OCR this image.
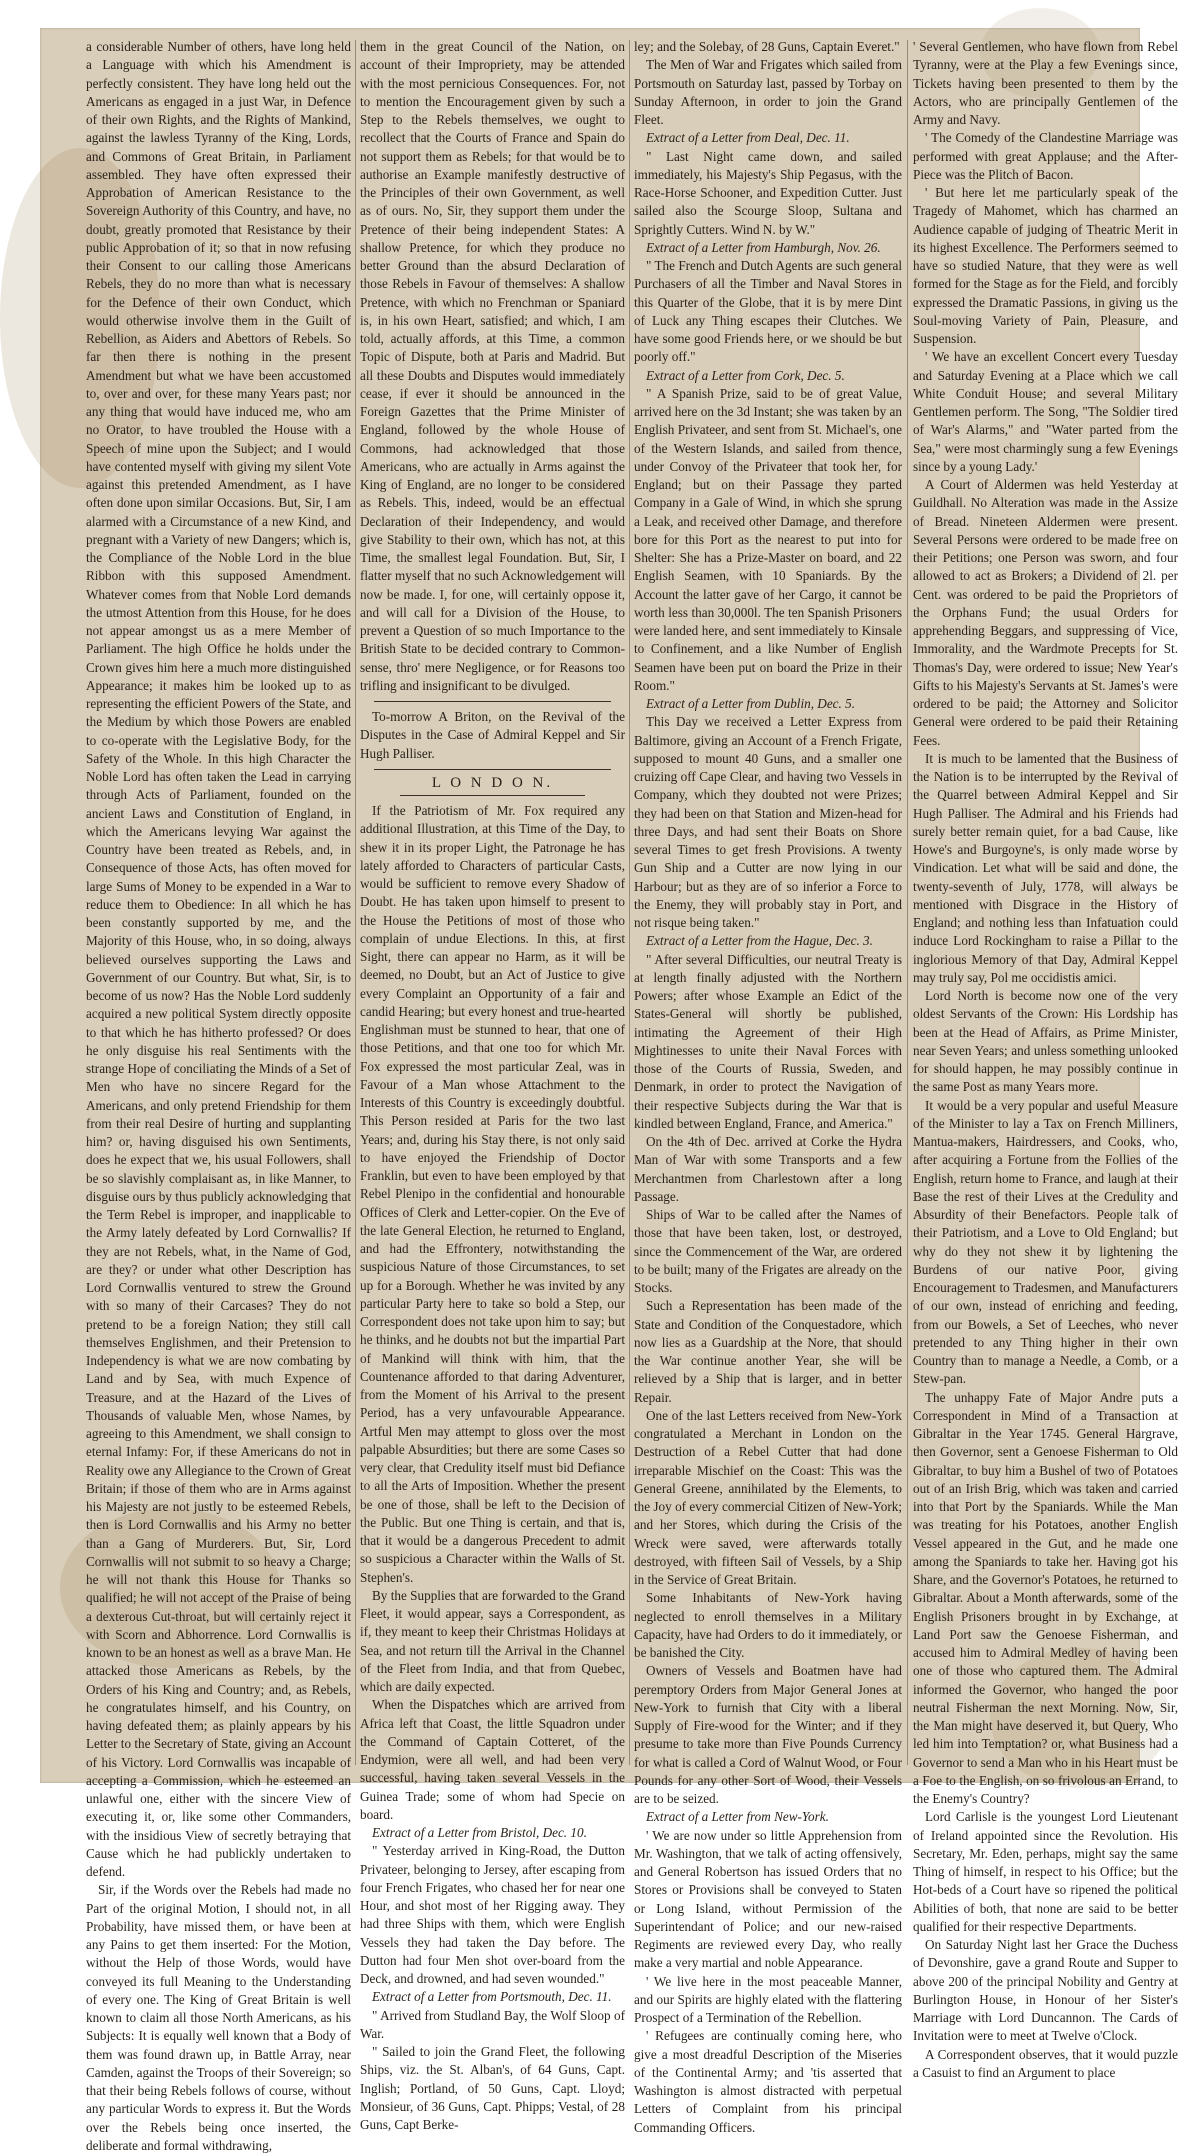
a considerable Number of others, have long held a Language with which his Amendment is perfectly consistent. They have long held out the Americans as engaged in a just War, in Defence of their own Rights, and the Rights of Mankind, against the lawless Tyranny of the King, Lords, and Commons of Great Britain, in Parliament assembled. They have often expressed their Approbation of American Resistance to the Sovereign Authority of this Country, and have, no doubt, greatly promoted that Resistance by their public Approbation of it; so that in now refusing their Consent to our calling those Americans Rebels, they do no more than what is necessary for the Defence of their own Conduct, which would otherwise involve them in the Guilt of Rebellion, as Aiders and Abettors of Rebels. So far then there is nothing in the present Amendment but what we have been accustomed to, over and over, for these many Years past; nor any thing that would have induced me, who am no Orator, to have troubled the House with a Speech of mine upon the Subject; and I would have contented myself with giving my silent Vote against this pretended Amendment, as I have often done upon similar Occasions. But, Sir, I am alarmed with a Circumstance of a new Kind, and pregnant with a Variety of new Dangers; which is, the Compliance of the Noble Lord in the blue Ribbon with this supposed Amendment. Whatever comes from that Noble Lord demands the utmost Attention from this House, for he does not appear amongst us as a mere Member of Parliament. The high Office he holds under the Crown gives him here a much more distinguished Appearance; it makes him be looked up to as representing the efficient Powers of the State, and the Medium by which those Powers are enabled to co-operate with the Legislative Body, for the Safety of the Whole. In this high Character the Noble Lord has often taken the Lead in carrying through Acts of Parliament, founded on the ancient Laws and Constitution of England, in which the Americans levying War against the Country have been treated as Rebels, and, in Consequence of those Acts, has often moved for large Sums of Money to be expended in a War to reduce them to Obedience: In all which he has been constantly supported by me, and the Majority of this House, who, in so doing, always believed ourselves supporting the Laws and Government of our Country. But what, Sir, is to become of us now? Has the Noble Lord suddenly acquired a new political System directly opposite to that which he has hitherto professed? Or does he only disguise his real Sentiments with the strange Hope of conciliating the Minds of a Set of Men who have no sincere Regard for the Americans, and only pretend Friendship for them from their real Desire of hurting and supplanting him? or, having disguised his own Sentiments, does he expect that we, his usual Followers, shall be so slavishly complaisant as, in like Manner, to disguise ours by thus publicly acknowledging that the Term Rebel is improper, and inapplicable to the Army lately defeated by Lord Cornwallis? If they are not Rebels, what, in the Name of God, are they? or under what other Description has Lord Cornwallis ventured to strew the Ground with so many of their Carcases? They do not pretend to be a foreign Nation; they still call themselves Englishmen, and their Pretension to Independency is what we are now combating by Land and by Sea, with much Expence of Treasure, and at the Hazard of the Lives of Thousands of valuable Men, whose Names, by agreeing to this Amendment, we shall consign to eternal Infamy: For, if these Americans do not in Reality owe any Allegiance to the Crown of Great Britain; if those of them who are in Arms against his Majesty are not justly to be esteemed Rebels, then is Lord Cornwallis and his Army no better than a Gang of Murderers. But, Sir, Lord Cornwallis will not submit to so heavy a Charge; he will not thank this House for Thanks so qualified; he will not accept of the Praise of being a dexterous Cut-throat, but will certainly reject it with Scorn and Abhorrence. Lord Cornwallis is known to be an honest as well as a brave Man. He attacked those Americans as Rebels, by the Orders of his King and Country; and, as Rebels, he congratulates himself, and his Country, on having defeated them; as plainly appears by his Letter to the Secretary of State, giving an Account of his Victory. Lord Cornwallis was incapable of accepting a Commission, which he esteemed an unlawful one, either with the sincere View of executing it, or, like some other Commanders, with the insidious View of secretly betraying that Cause which he had publickly undertaken to defend.

Sir, if the Words over the Rebels had made no Part of the original Motion, I should not, in all Probability, have missed them, or have been at any Pains to get them inserted: For the Motion, without the Help of those Words, would have conveyed its full Meaning to the Understanding of every one. The King of Great Britain is well known to claim all those North Americans, as his Subjects: It is equally well known that a Body of them was found drawn up, in Battle Array, near Camden, against the Troops of their Sovereign; so that their being Rebels follows of course, without any particular Words to express it. But the Words over the Rebels being once inserted, the deliberate and formal withdrawing,

them in the great Council of the Nation, on account of their Impropriety, may be attended with the most pernicious Consequences. For, not to mention the Encouragement given by such a Step to the Rebels themselves, we ought to recollect that the Courts of France and Spain do not support them as Rebels; for that would be to authorise an Example manifestly destructive of the Principles of their own Government, as well as of ours. No, Sir, they support them under the Pretence of their being independent States: A shallow Pretence, for which they produce no better Ground than the absurd Declaration of those Rebels in Favour of themselves: A shallow Pretence, with which no Frenchman or Spaniard is, in his own Heart, satisfied; and which, I am told, actually affords, at this Time, a common Topic of Dispute, both at Paris and Madrid. But all these Doubts and Disputes would immediately cease, if ever it should be announced in the Foreign Gazettes that the Prime Minister of England, followed by the whole House of Commons, had acknowledged that those Americans, who are actually in Arms against the King of England, are no longer to be considered as Rebels. This, indeed, would be an effectual Declaration of their Independency, and would give Stability to their own, which has not, at this Time, the smallest legal Foundation. But, Sir, I flatter myself that no such Acknowledgement will now be made. I, for one, will certainly oppose it, and will call for a Division of the House, to prevent a Question of so much Importance to the British State to be decided contrary to Common-sense, thro' mere Negligence, or for Reasons too trifling and insignificant to be divulged.

To-morrow A Briton, on the Revival of the Disputes in the Case of Admiral Keppel and Sir Hugh Palliser.

L O N D O N.

If the Patriotism of Mr. Fox required any additional Illustration, at this Time of the Day, to shew it in its proper Light, the Patronage he has lately afforded to Characters of particular Casts, would be sufficient to remove every Shadow of Doubt. He has taken upon himself to present to the House the Petitions of most of those who complain of undue Elections. In this, at first Sight, there can appear no Harm, as it will be deemed, no Doubt, but an Act of Justice to give every Complaint an Opportunity of a fair and candid Hearing; but every honest and true-hearted Englishman must be stunned to hear, that one of those Petitions, and that one too for which Mr. Fox expressed the most particular Zeal, was in Favour of a Man whose Attachment to the Interests of this Country is exceedingly doubtful. This Person resided at Paris for the two last Years; and, during his Stay there, is not only said to have enjoyed the Friendship of Doctor Franklin, but even to have been employed by that Rebel Plenipo in the confidential and honourable Offices of Clerk and Letter-copier. On the Eve of the late General Election, he returned to England, and had the Effrontery, notwithstanding the suspicious Nature of those Circumstances, to set up for a Borough. Whether he was invited by any particular Party here to take so bold a Step, our Correspondent does not take upon him to say; but he thinks, and he doubts not but the impartial Part of Mankind will think with him, that the Countenance afforded to that daring Adventurer, from the Moment of his Arrival to the present Period, has a very unfavourable Appearance. Artful Men may attempt to gloss over the most palpable Absurdities; but there are some Cases so very clear, that Credulity itself must bid Defiance to all the Arts of Imposition. Whether the present be one of those, shall be left to the Decision of the Public. But one Thing is certain, and that is, that it would be a dangerous Precedent to admit so suspicious a Character within the Walls of St. Stephen's.

By the Supplies that are forwarded to the Grand Fleet, it would appear, says a Correspondent, as if, they meant to keep their Christmas Holidays at Sea, and not return till the Arrival in the Channel of the Fleet from India, and that from Quebec, which are daily expected.

When the Dispatches which are arrived from Africa left that Coast, the little Squadron under the Command of Captain Cotteret, of the Endymion, were all well, and had been very successful, having taken several Vessels in the Guinea Trade; some of whom had Specie on board.

Extract of a Letter from Bristol, Dec. 10.

" Yesterday arrived in King-Road, the Dutton Privateer, belonging to Jersey, after escaping from four French Frigates, who chased her for near one Hour, and shot most of her Rigging away. They had three Ships with them, which were English Vessels they had taken the Day before. The Dutton had four Men shot over-board from the Deck, and drowned, and had seven wounded."

Extract of a Letter from Portsmouth, Dec. 11.

" Arrived from Studland Bay, the Wolf Sloop of War.

" Sailed to join the Grand Fleet, the following Ships, viz. the St. Alban's, of 64 Guns, Capt. Inglish; Portland, of 50 Guns, Capt. Lloyd; Monsieur, of 36 Guns, Capt. Phipps; Vestal, of 28 Guns, Capt Berke-

ley; and the Solebay, of 28 Guns, Captain Everet."

The Men of War and Frigates which sailed from Portsmouth on Saturday last, passed by Torbay on Sunday Afternoon, in order to join the Grand Fleet.

Extract of a Letter from Deal, Dec. 11.

" Last Night came down, and sailed immediately, his Majesty's Ship Pegasus, with the Race-Horse Schooner, and Expedition Cutter. Just sailed also the Scourge Sloop, Sultana and Sprightly Cutters. Wind N. by W."

Extract of a Letter from Hamburgh, Nov. 26.

" The French and Dutch Agents are such general Purchasers of all the Timber and Naval Stores in this Quarter of the Globe, that it is by mere Dint of Luck any Thing escapes their Clutches. We have some good Friends here, or we should be but poorly off."

Extract of a Letter from Cork, Dec. 5.

" A Spanish Prize, said to be of great Value, arrived here on the 3d Instant; she was taken by an English Privateer, and sent from St. Michael's, one of the Western Islands, and sailed from thence, under Convoy of the Privateer that took her, for England; but on their Passage they parted Company in a Gale of Wind, in which she sprung a Leak, and received other Damage, and therefore bore for this Port as the nearest to put into for Shelter: She has a Prize-Master on board, and 22 English Seamen, with 10 Spaniards. By the Account the latter gave of her Cargo, it cannot be worth less than 30,000l. The ten Spanish Prisoners were landed here, and sent immediately to Kinsale to Confinement, and a like Number of English Seamen have been put on board the Prize in their Room."

Extract of a Letter from Dublin, Dec. 5.

This Day we received a Letter Express from Baltimore, giving an Account of a French Frigate, supposed to mount 40 Guns, and a smaller one cruizing off Cape Clear, and having two Vessels in Company, which they doubted not were Prizes; they had been on that Station and Mizen-head for three Days, and had sent their Boats on Shore several Times to get fresh Provisions. A twenty Gun Ship and a Cutter are now lying in our Harbour; but as they are of so inferior a Force to the Enemy, they will probably stay in Port, and not risque being taken."

Extract of a Letter from the Hague, Dec. 3.

" After several Difficulties, our neutral Treaty is at length finally adjusted with the Northern Powers; after whose Example an Edict of the States-General will shortly be published, intimating the Agreement of their High Mightinesses to unite their Naval Forces with those of the Courts of Russia, Sweden, and Denmark, in order to protect the Navigation of their respective Subjects during the War that is kindled between England, France, and America."

On the 4th of Dec. arrived at Corke the Hydra Man of War with some Transports and a few Merchantmen from Charlestown after a long Passage.

Ships of War to be called after the Names of those that have been taken, lost, or destroyed, since the Commencement of the War, are ordered to be built; many of the Frigates are already on the Stocks.

Such a Representation has been made of the State and Condition of the Conquestadore, which now lies as a Guardship at the Nore, that should the War continue another Year, she will be relieved by a Ship that is larger, and in better Repair.

One of the last Letters received from New-York congratulated a Merchant in London on the Destruction of a Rebel Cutter that had done irreparable Mischief on the Coast: This was the General Greene, annihilated by the Elements, to the Joy of every commercial Citizen of New-York; and her Stores, which during the Crisis of the Wreck were saved, were afterwards totally destroyed, with fifteen Sail of Vessels, by a Ship in the Service of Great Britain.

Some Inhabitants of New-York having neglected to enroll themselves in a Military Capacity, have had Orders to do it immediately, or be banished the City.

Owners of Vessels and Boatmen have had peremptory Orders from Major General Jones at New-York to furnish that City with a liberal Supply of Fire-wood for the Winter; and if they presume to take more than Five Pounds Currency for what is called a Cord of Walnut Wood, or Four Pounds for any other Sort of Wood, their Vessels are to be seized.

Extract of a Letter from New-York.

' We are now under so little Apprehension from Mr. Washington, that we talk of acting offensively, and General Robertson has issued Orders that no Stores or Provisions shall be conveyed to Staten or Long Island, without Permission of the Superintendant of Police; and our new-raised Regiments are reviewed every Day, who really make a very martial and noble Appearance.

' We live here in the most peaceable Manner, and our Spirits are highly elated with the flattering Prospect of a Termination of the Rebellion.

' Refugees are continually coming here, who give a most dreadful Description of the Miseries of the Continental Army; and 'tis asserted that Washington is almost distracted with perpetual Letters of Complaint from his principal Commanding Officers.

' Several Gentlemen, who have flown from Rebel Tyranny, were at the Play a few Evenings since, Tickets having been presented to them by the Actors, who are principally Gentlemen of the Army and Navy.

' The Comedy of the Clandestine Marriage was performed with great Applause; and the After-Piece was the Plitch of Bacon.

' But here let me particularly speak of the Tragedy of Mahomet, which has charmed an Audience capable of judging of Theatric Merit in its highest Excellence. The Performers seemed to have so studied Nature, that they were as well formed for the Stage as for the Field, and forcibly expressed the Dramatic Passions, in giving us the Soul-moving Variety of Pain, Pleasure, and Suspension.

' We have an excellent Concert every Tuesday and Saturday Evening at a Place which we call White Conduit House; and several Military Gentlemen perform. The Song, "The Soldier tired of War's Alarms," and "Water parted from the Sea," were most charmingly sung a few Evenings since by a young Lady.'

A Court of Aldermen was held Yesterday at Guildhall. No Alteration was made in the Assize of Bread. Nineteen Aldermen were present. Several Persons were ordered to be made free on their Petitions; one Person was sworn, and four allowed to act as Brokers; a Dividend of 2l. per Cent. was ordered to be paid the Proprietors of the Orphans Fund; the usual Orders for apprehending Beggars, and suppressing of Vice, Immorality, and the Wardmote Precepts for St. Thomas's Day, were ordered to issue; New Year's Gifts to his Majesty's Servants at St. James's were ordered to be paid; the Attorney and Solicitor General were ordered to be paid their Retaining Fees.

It is much to be lamented that the Business of the Nation is to be interrupted by the Revival of the Quarrel between Admiral Keppel and Sir Hugh Palliser. The Admiral and his Friends had surely better remain quiet, for a bad Cause, like Howe's and Burgoyne's, is only made worse by Vindication. Let what will be said and done, the twenty-seventh of July, 1778, will always be mentioned with Disgrace in the History of England; and nothing less than Infatuation could induce Lord Rockingham to raise a Pillar to the inglorious Memory of that Day, Admiral Keppel may truly say, Pol me occidistis amici.

Lord North is become now one of the very oldest Servants of the Crown: His Lordship has been at the Head of Affairs, as Prime Minister, near Seven Years; and unless something unlooked for should happen, he may possibly continue in the same Post as many Years more.

It would be a very popular and useful Measure of the Minister to lay a Tax on French Milliners, Mantua-makers, Hairdressers, and Cooks, who, after acquiring a Fortune from the Follies of the English, return home to France, and laugh at their Base the rest of their Lives at the Credulity and Absurdity of their Benefactors. People talk of their Patriotism, and a Love to Old England; but why do they not shew it by lightening the Burdens of our native Poor, giving Encouragement to Tradesmen, and Manufacturers of our own, instead of enriching and feeding, from our Bowels, a Set of Leeches, who never pretended to any Thing higher in their own Country than to manage a Needle, a Comb, or a Stew-pan.

The unhappy Fate of Major Andre puts a Correspondent in Mind of a Transaction at Gibraltar in the Year 1745. General Hargrave, then Governor, sent a Genoese Fisherman to Old Gibraltar, to buy him a Bushel of two of Potatoes out of an Irish Brig, which was taken and carried into that Port by the Spaniards. While the Man was treating for his Potatoes, another English Vessel appeared in the Gut, and he made one among the Spaniards to take her. Having got his Share, and the Governor's Potatoes, he returned to Gibraltar. About a Month afterwards, some of the English Prisoners brought in by Exchange, at Land Port saw the Genoese Fisherman, and accused him to Admiral Medley of having been one of those who captured them. The Admiral informed the Governor, who hanged the poor neutral Fisherman the next Morning. Now, Sir, the Man might have deserved it, but Query, Who led him into Temptation? or, what Business had a Governor to send a Man who in his Heart must be a Foe to the English, on so frivolous an Errand, to the Enemy's Country?

Lord Carlisle is the youngest Lord Lieutenant of Ireland appointed since the Revolution. His Secretary, Mr. Eden, perhaps, might say the same Thing of himself, in respect to his Office; but the Hot-beds of a Court have so ripened the political Abilities of both, that none are said to be better qualified for their respective Departments.

On Saturday Night last her Grace the Duchess of Devonshire, gave a grand Route and Supper to above 200 of the principal Nobility and Gentry at Burlington House, in Honour of her Sister's Marriage with Lord Duncannon. The Cards of Invitation were to meet at Twelve o'Clock.

A Correspondent observes, that it would puzzle a Casuist to find an Argument to place
